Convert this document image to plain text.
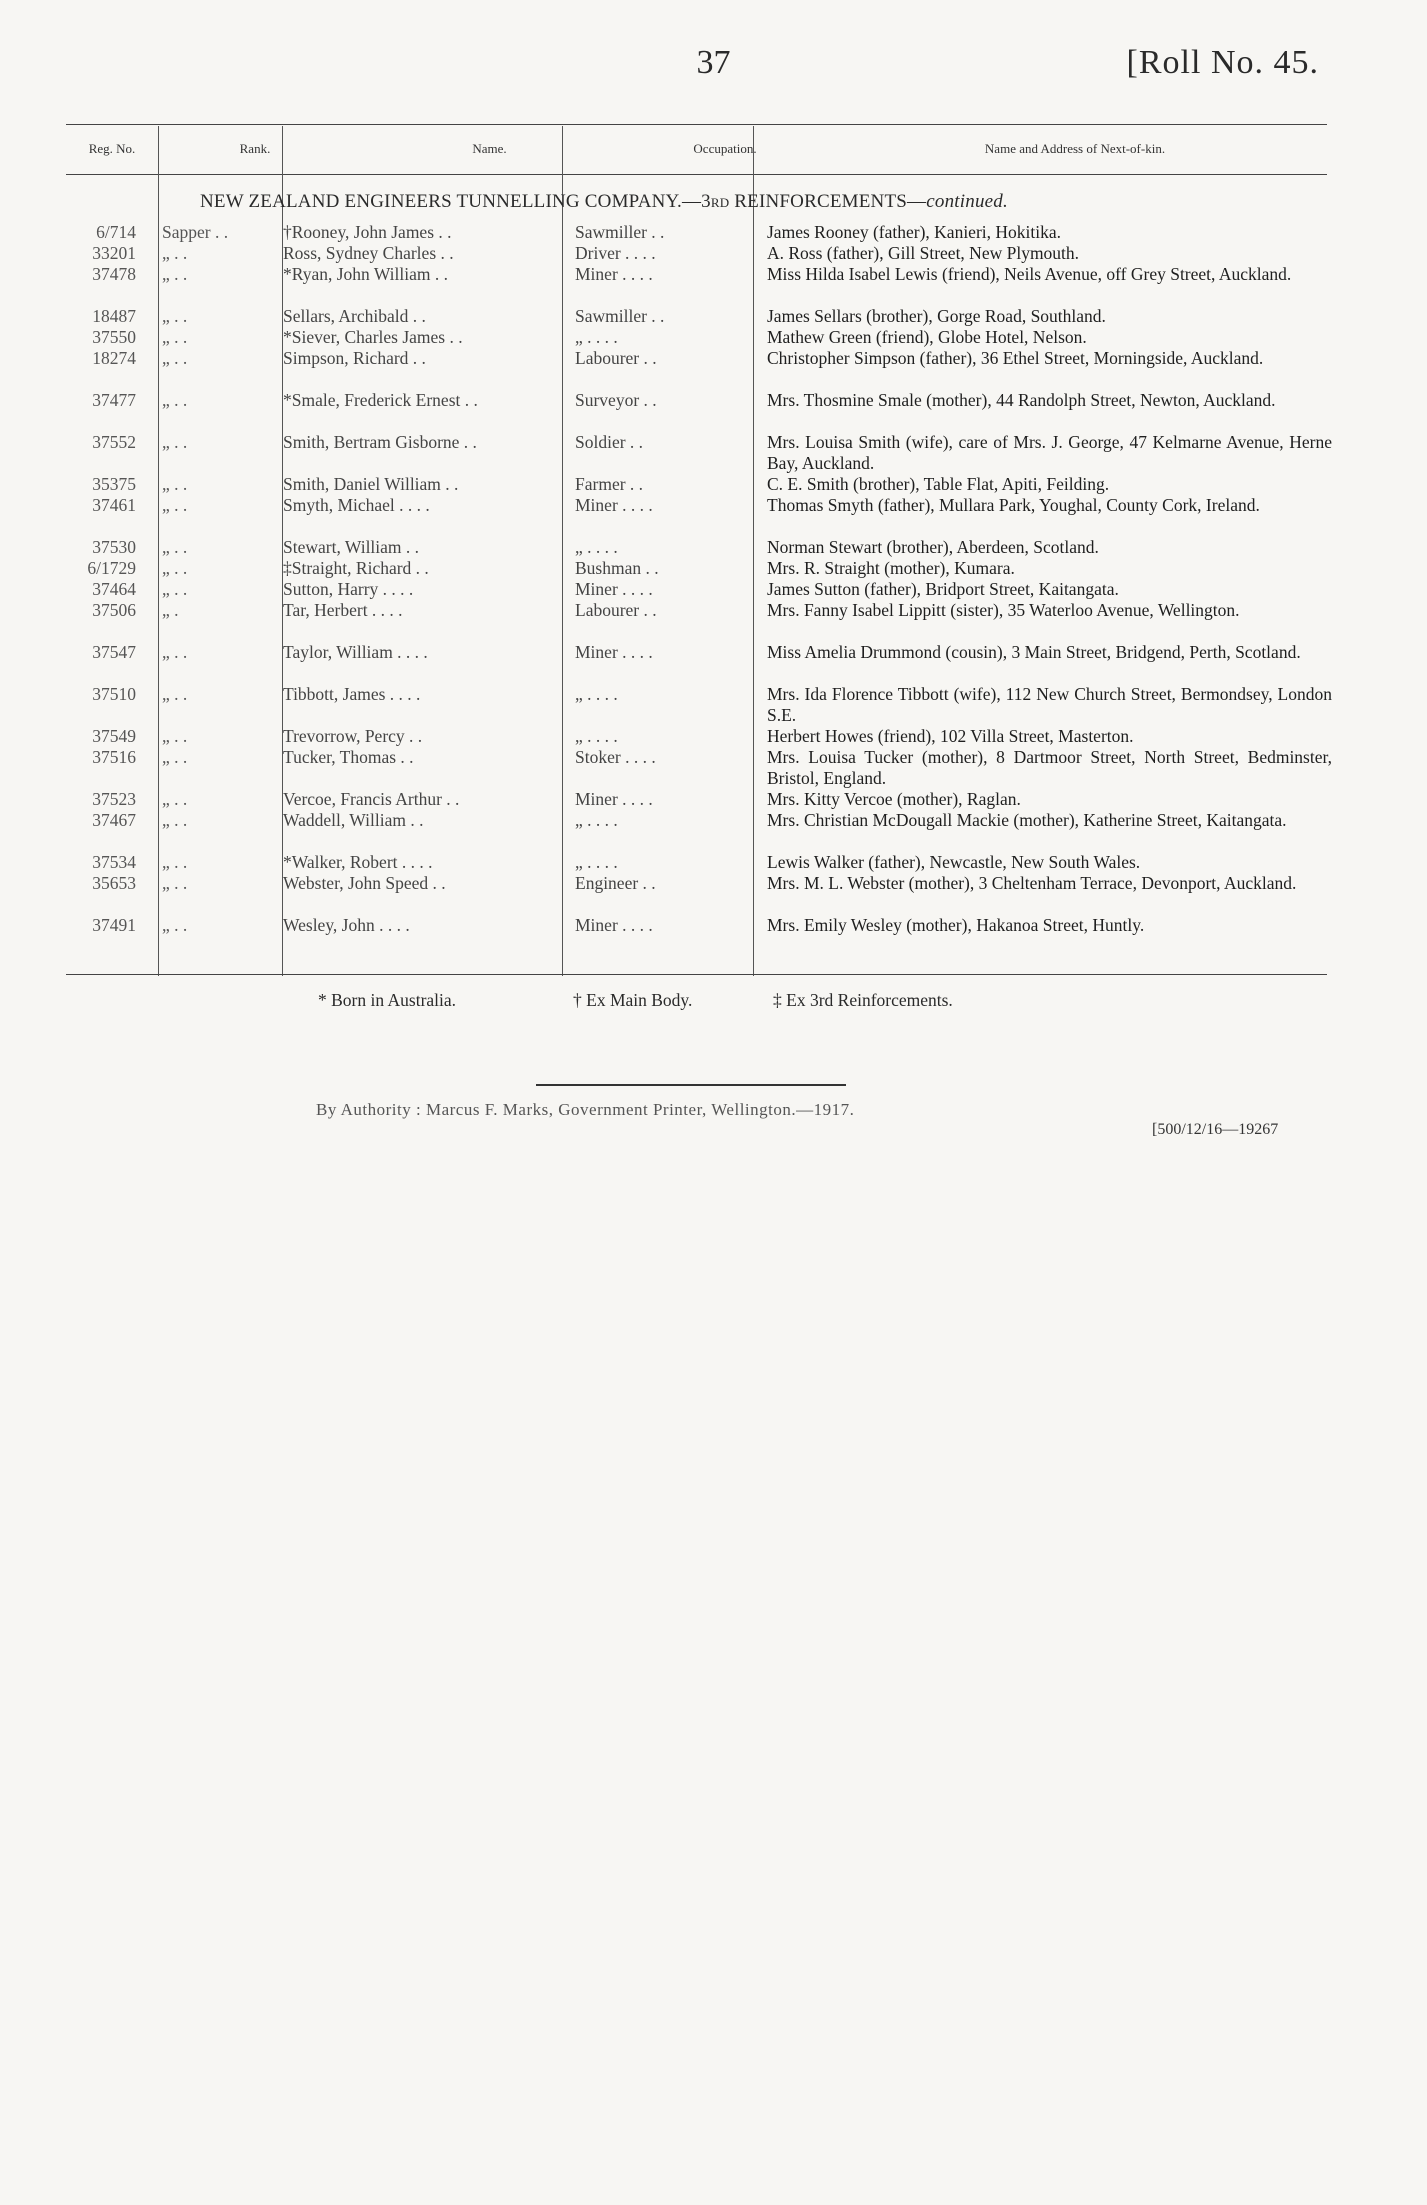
37	[Roll No. 45.
Reg. No.	Rank.	Name.	Occupation.	Name and Address of Next-of-kin.
NEW ZEALAND ENGINEERS TUNNELLING COMPANY.—3RD REINFORCEMENTS—continued.
6/714 Sapper . .	†Rooney, John James . .	Sawmiller . .	James Rooney (father), Kanieri, Hokitika.
33201 „ . .	Ross, Sydney Charles . .	Driver . . . .	A. Ross (father), Gill Street, New Plymouth.
37478 „ . .	*Ryan, John William . .	Miner . . . .	Miss Hilda Isabel Lewis (friend), Neils Avenue, off Grey Street, Auckland.
18487 „ . .	Sellars, Archibald . .	Sawmiller . .	James Sellars (brother), Gorge Road, Southland.
37550 „ . .	*Siever, Charles James . .	„ . . . .	Mathew Green (friend), Globe Hotel, Nelson.
18274 „ . .	Simpson, Richard . .	Labourer . .	Christopher Simpson (father), 36 Ethel Street, Morningside, Auckland.
37477 „ . .	*Smale, Frederick Ernest . .	Surveyor . .	Mrs. Thosmine Smale (mother), 44 Randolph Street, Newton, Auckland.
37552 „ . .	Smith, Bertram Gisborne . .	Soldier . .	Mrs. Louisa Smith (wife), care of Mrs. J. George, 47 Kelmarne Avenue, Herne Bay, Auckland.
35375 „ . .	Smith, Daniel William . .	Farmer . .	C. E. Smith (brother), Table Flat, Apiti, Feilding.
37461 „ . .	Smyth, Michael . . . .	Miner . . . .	Thomas Smyth (father), Mullara Park, Youghal, County Cork, Ireland.
37530 „ . .	Stewart, William . .	„ . . . .	Norman Stewart (brother), Aberdeen, Scotland.
6/1729 „ . .	‡Straight, Richard . .	Bushman . .	Mrs. R. Straight (mother), Kumara.
37464 „ . .	Sutton, Harry . . . .	Miner . . . .	James Sutton (father), Bridport Street, Kaitangata.
37506 „ .	Tar, Herbert . . . .	Labourer . .	Mrs. Fanny Isabel Lippitt (sister), 35 Waterloo Avenue, Wellington.
37547 „ . .	Taylor, William . . . .	Miner . . . .	Miss Amelia Drummond (cousin), 3 Main Street, Bridgend, Perth, Scotland.
37510 „ . .	Tibbott, James . . . .	„ . . . .	Mrs. Ida Florence Tibbott (wife), 112 New Church Street, Bermondsey, London S.E.
37549 „ . .	Trevorrow, Percy . .	„ . . . .	Herbert Howes (friend), 102 Villa Street, Masterton.
37516 „ . .	Tucker, Thomas . .	Stoker . . . .	Mrs. Louisa Tucker (mother), 8 Dartmoor Street, North Street, Bedminster, Bristol, England.
37523 „ . .	Vercoe, Francis Arthur . .	Miner . . . .	Mrs. Kitty Vercoe (mother), Raglan.
37467 „ . .	Waddell, William . .	„ . . . .	Mrs. Christian McDougall Mackie (mother), Katherine Street, Kaitangata.
37534 „ . .	*Walker, Robert . . . .	„ . . . .	Lewis Walker (father), Newcastle, New South Wales.
35653 „ . .	Webster, John Speed . .	Engineer . .	Mrs. M. L. Webster (mother), 3 Cheltenham Terrace, Devonport, Auckland.
37491 „ . .	Wesley, John . . . .	Miner . . . .	Mrs. Emily Wesley (mother), Hakanoa Street, Huntly.
* Born in Australia.	† Ex Main Body.	‡ Ex 3rd Reinforcements.
By Authority : Marcus F. Marks, Government Printer, Wellington.—1917.
[500/12/16—19267
